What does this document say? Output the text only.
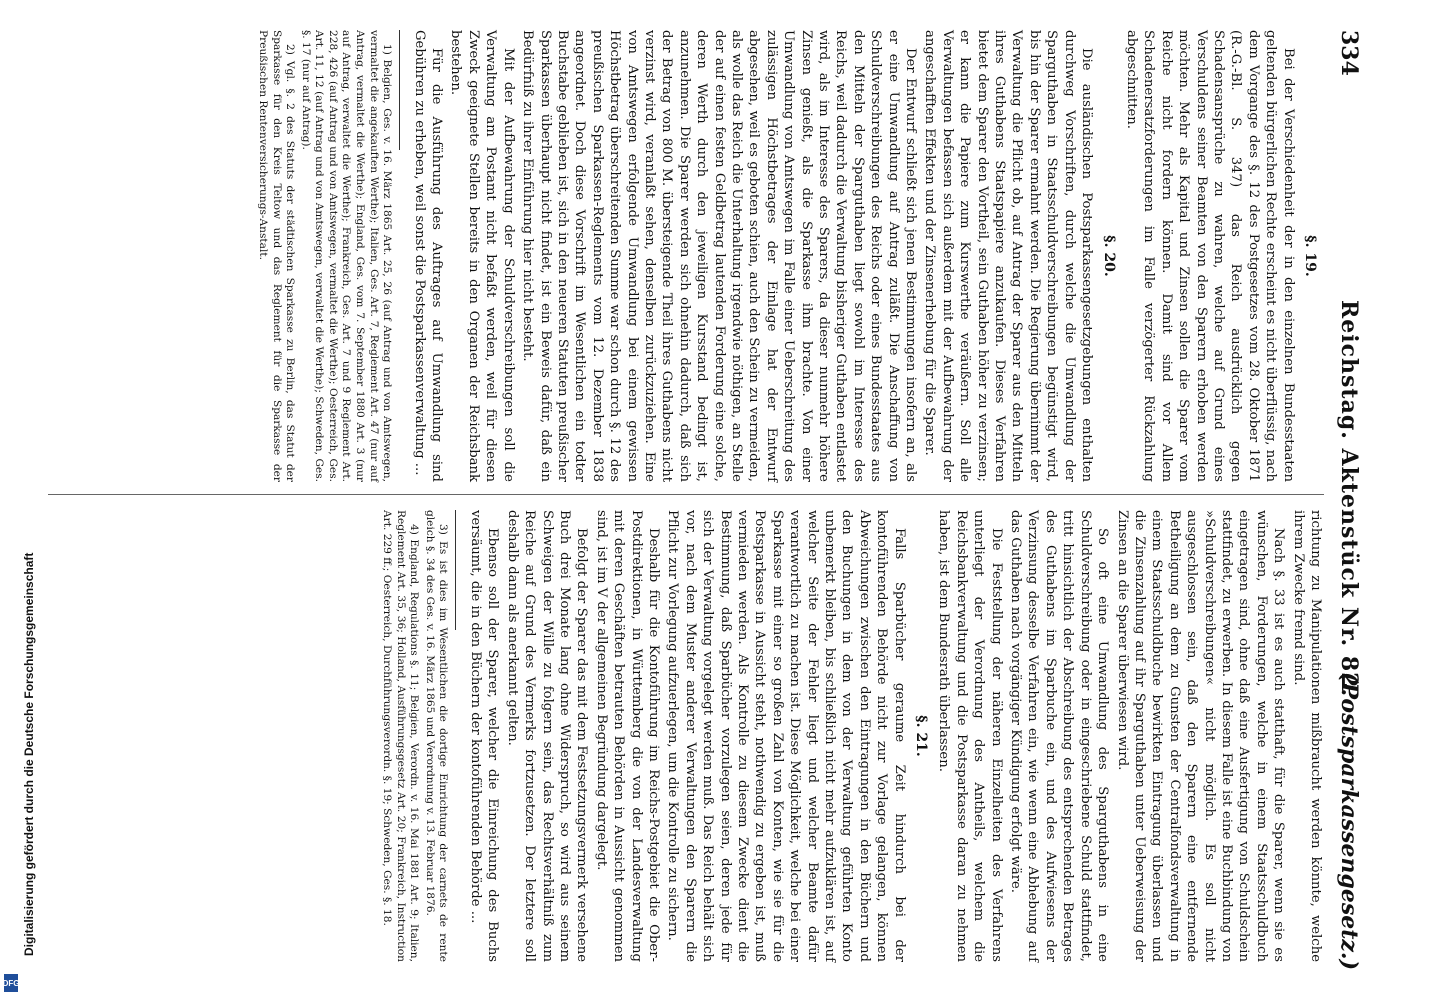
334
Reichstag. Aktenstück Nr. 82.
(Postsparkassengesetz.)
§. 19.

Bei der Verschiedenheit der in den einzelnen Bundesstaaten geltenden bürgerlichen Rechte erscheint es nicht überflüssig, nach dem Vorgange des §. 12 des Postgesetzes vom 28. Oktober 1871 (R.-G.-Bl. S. 347) das Reich ausdrücklich gegen Schadensansprüche zu wahren, welche auf Grund eines Verschuldens seiner Beamten von den Sparern erhoben werden möchten. Mehr als Kapital und Zinsen sollen die Sparer vom Reiche nicht fordern können. Damit sind vor Allem Schadenersatzforderungen im Falle verzögerter Rückzahlung abgeschnitten.

§. 20.

Die ausländischen Postsparkassengesetzgebungen enthalten durchweg Vorschriften, durch welche die Umwandlung der Sparguthaben in Staatsschuldverschreibungen begünstigt wird, bis hin der Sparer ermahnt werden. Die Regierung übernimmt der Verwaltung die Pflicht ob, auf Antrag der Sparer aus den Mitteln ihres Guthabens Staatspapiere anzukaufen. Dieses Verfahren bietet dem Sparer den Vortheil, sein Guthaben höher zu verzinsen; er kann die Papiere zum Kurswerthe veräußern. Soll alle Verwaltungen befassen sich außerdem mit der Aufbewahrung der angeschafften Effekten und der Zinsenerhebung für die Sparer.

Der Entwurf schließt sich jenen Bestimmungen insofern an, als er eine Umwandlung auf Antrag zuläßt. Die Anschaffung von Schuldverschreibungen des Reichs oder eines Bundesstaates aus den Mitteln der Sparguthaben liegt sowohl im Interesse des Reichs, weil dadurch die Verwaltung bisheriger Guthaben entlastet wird, als im Interesse des Sparers, da dieser nunmehr höhere Zinsen genießt, als die Sparkasse ihm brachte. Von einer Umwandlung von Amtswegen im Falle einer Ueberschreitung des zulässigen Höchstbetrages der Einlage hat der Entwurf abgesehen, weil es geboten schien, auch den Schein zu vermeiden, als wolle das Reich die Unterhaltung irgendwie nöthigen, an Stelle der auf einen festen Geldbetrag lautenden Forderung eine solche, deren Werth durch den jeweiligen Kursstand bedingt ist, anzunehmen. Die Sparer werden sich ohnehin dadurch, daß sich der Betrag von 800 M. übersteigende Theil ihres Guthabens nicht verzinst wird, veranlaßt sehen, denselben zurückzuziehen. Eine von Amtswegen erfolgende Umwandlung bei einem gewissen Höchstbetrag überschreitenden Summe war schon durch §. 12 des preußischen Sparkassen-Reglements vom 12. Dezember 1838 angeordnet. Doch diese Vorschrift im Wesentlichen ein todter Buchstabe geblieben ist, sich in den neueren Statuten preußischer Sparkassen überhaupt nicht findet, ist ein Beweis dafür, daß ein Bedürfniß zu ihrer Einführung hier nicht besteht.

Mit der Aufbewahrung der Schuldverschreibungen soll die Verwaltung am Postamt nicht befaßt werden, weil für diesen Zweck geeignete Stellen bereits in den Organen der Reichsbank bestehen.

Für die Ausführung des Auftrages auf Umwandlung sind Gebühren zu erheben, weil sonst die Postsparkassenverwaltung ...

1) Belgien, Ges. v. 16. März 1865 Art. 25, 26 (auf Antrag und von Amtswegen, vermaltet die angekauften Werthe); Italien, Ges. Art. 7, Reglement Art. 47 (nur auf Antrag, vermaltet die Werthe); England, Ges. vom 7. September 1880 Art. 3 (nur auf Antrag, verwaltet die Werthe); Frankreich, Ges. Art. 7 und 9 Reglement Art. 228, 426 (auf Antrag und von Amtswegen, vermaltet die Werthe); Oesterreich, Ges. Art. 11, 12 (auf Antrag und von Amtswegen, verwaltet die Werthe); Schweden, Ges. §. 17 (nur auf Antrag).

2) Vgl. §. 2 des Statuts der städtischen Sparkasse zu Berlin, das Statut der Sparkasse für den Kreis Teltow und das Reglement für die Sparkasse der Preußischen Rentenversicherungs-Anstalt.

richtung zu Manipulationen mißbraucht werden könnte, welche ihrem Zwecke fremd sind.

Nach §. 33 ist es auch statthaft, für die Sparer, wenn sie es wünschen, Forderungen, welche in einem Staatsschuldbuch eingetragen sind, ohne daß eine Ausfertigung von Schuldschein stattfindet, zu erwerben. In diesem Falle ist eine Buchbindung von »Schuldverschreibungen« nicht möglich. Es soll nicht ausgeschlossen sein, daß den Sparern eine entfernende Betheiligung an dem zu Gunsten der Centralfondsverwaltung in einem Staatsschuldbuche bewirkten Eintragung überlassen und die Zinsenzahlung auf ihr Sparguthaben unter Ueberweisung der Zinsen an die Sparer überwiesen wird.

So oft eine Umwandlung des Sparguthabens in eine Schuldverschreibung oder in eingeschriebene Schuld stattfindet, tritt hinsichtlich der Abschreibung des entsprechenden Betrages des Guthabens im Sparbuche ein, und des Aufwiesens der Verzinsung desselbe Verfahren ein, wie wenn eine Abhebung auf das Guthaben nach vorgängiger Kündigung erfolgt wäre.

Die Feststellung der näheren Einzelheiten des Verfahrens unterliegt der Verordnung des Antheils, welchem die Reichsbankverwaltung und die Postsparkasse daran zu nehmen haben, ist dem Bundesrath überlassen.

§. 21.

Falls Sparbücher geraume Zeit hindurch bei der kontoführenden Behörde nicht zur Vorlage gelangen, können Abweichungen zwischen den Eintragungen in den Büchern und den Buchungen in dem von der Verwaltung geführten Konto unbemerkt bleiben, bis schließlich nicht mehr aufzuklären ist, auf welcher Seite der Fehler liegt und welcher Beamte dafür verantwortlich zu machen ist. Diese Möglichkeit, welche bei einer Sparkasse mit einer so großen Zahl von Konten, wie sie für die Postsparkasse in Aussicht steht, nothwendig zu ergeben ist, muß vermieden werden. Als Kontrolle zu diesem Zwecke dient die Bestimmung, daß Sparbücher vorzulegen seien, deren jede für sich der Verwaltung vorgelegt werden muß. Das Reich behält sich vor, nach dem Muster anderer Verwaltungen den Sparern die Pflicht zur Vorlegung aufzuerlegen, um die Kontrolle zu sichern.

Deshalb für die Kontoführung im Reichs-Postgebiet die Ober-Postdirektionen, in Württemberg die von der Landesverwaltung mit deren Geschäften betrauten Behörden in Aussicht genommen sind, ist im V der allgemeinen Begründung dargelegt.

Befolgt der Sparer das mit dem Festsetzungsvermerk versehene Buch drei Monate lang ohne Widerspruch, so wird aus seinem Schweigen der Wille zu folgern sein, das Rechtsverhältniß zum Reiche auf Grund des Vermerks fortzusetzen. Der letztere soll deshalb dann als anerkannt gelten.

Ebenso soll der Sparer, welcher die Einreichung des Buchs versäumt, die in den Büchern der kontoführenden Behörde ...

3) Es ist dies im Wesentlichen die dortige Einrichtung der carnets de rente gleich §. 34 des Ges. v. 16. März 1865 und Verordnung v. 13. Februar 1876.

4) England, Regulations §. 11; Belgien, Verordn. v. 16. Mai 1881 Art. 9; Italien, Reglement Art. 35, 36; Holland, Ausführungsgesetz Art. 20; Frankreich, Instruction Art. 229 ff.; Oesterreich, Durchführungsverordn. §. 19; Schweden, Ges. §. 18.

Digitalisierung gefördert durch die Deutsche Forschungsgemeinschaft
DFG
